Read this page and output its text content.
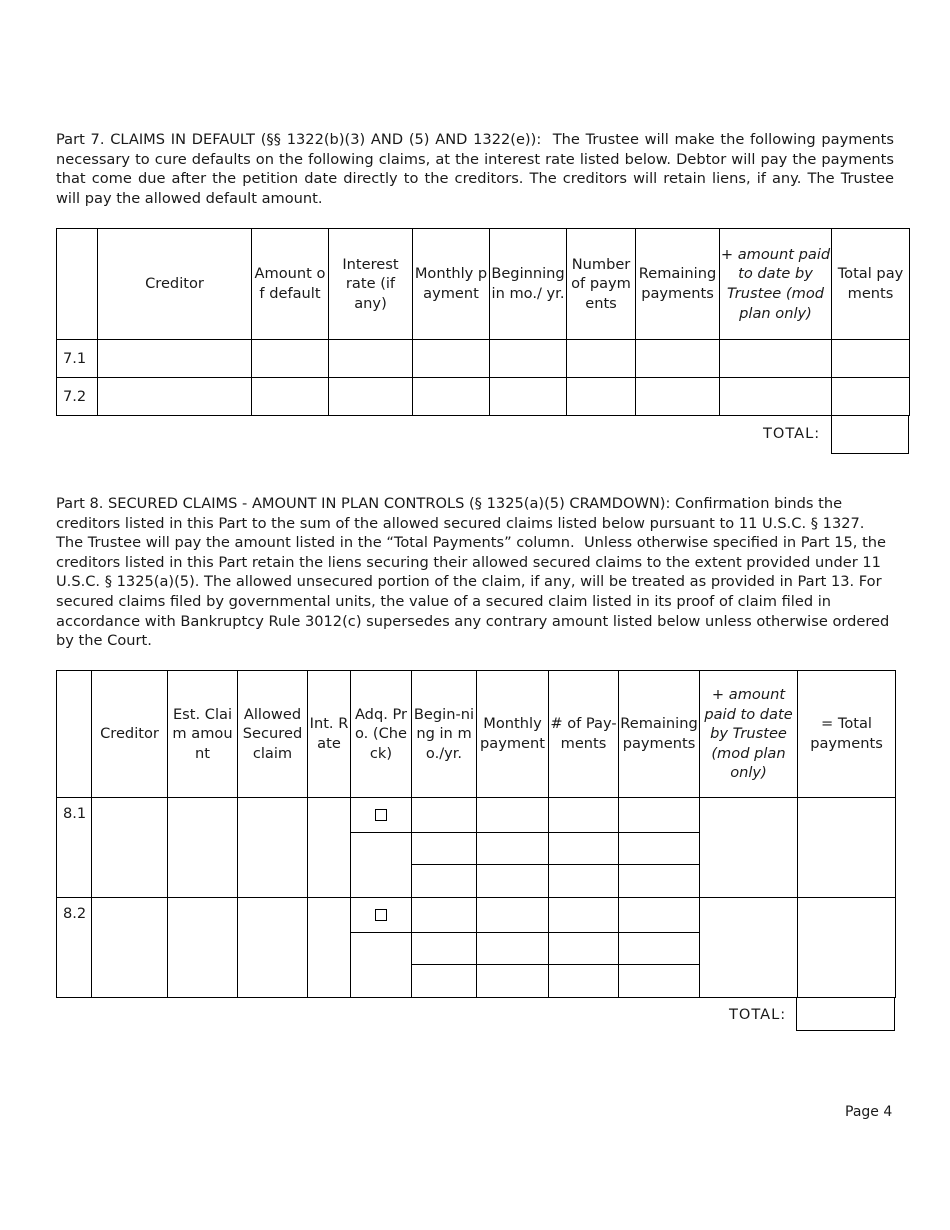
Part 7. CLAIMS IN DEFAULT (§§ 1322(b)(3) AND (5) AND 1322(e)): The Trustee will make the following payments necessary to cure defaults on the following claims, at the interest rate listed below. Debtor will pay the payments that come due after the petition date directly to the creditors. The creditors will retain liens, if any. The Trustee will pay the allowed default amount.

	Creditor	Amount of default	Interest rate (if any)	Monthly payment	Beginning in mo./ yr.	Number of payments	Remaining payments	+ amount paid to date by Trustee (mod plan only)	Total payments
7.1									
7.2									
TOTAL:

Part 8. SECURED CLAIMS - AMOUNT IN PLAN CONTROLS (§ 1325(a)(5) CRAMDOWN): Confirmation binds the creditors listed in this Part to the sum of the allowed secured claims listed below pursuant to 11 U.S.C. § 1327. The Trustee will pay the amount listed in the “Total Payments” column. Unless otherwise specified in Part 15, the creditors listed in this Part retain the liens securing their allowed secured claims to the extent provided under 11 U.S.C. § 1325(a)(5). The allowed unsecured portion of the claim, if any, will be treated as provided in Part 13. For secured claims filed by governmental units, the value of a secured claim listed in its proof of claim filed in accordance with Bankruptcy Rule 3012(c) supersedes any contrary amount listed below unless otherwise ordered by the Court.

	Creditor	Est. Claim amount	Allowed Secured claim	Int. Rate	Adq. Pro. (Check)	Begin-ning in mo./yr.	Monthly payment	# of Pay-ments	Remaining payments	+ amount paid to date by Trustee (mod plan only)	= Total payments
8.1											

8.2											

TOTAL:
Page 4
